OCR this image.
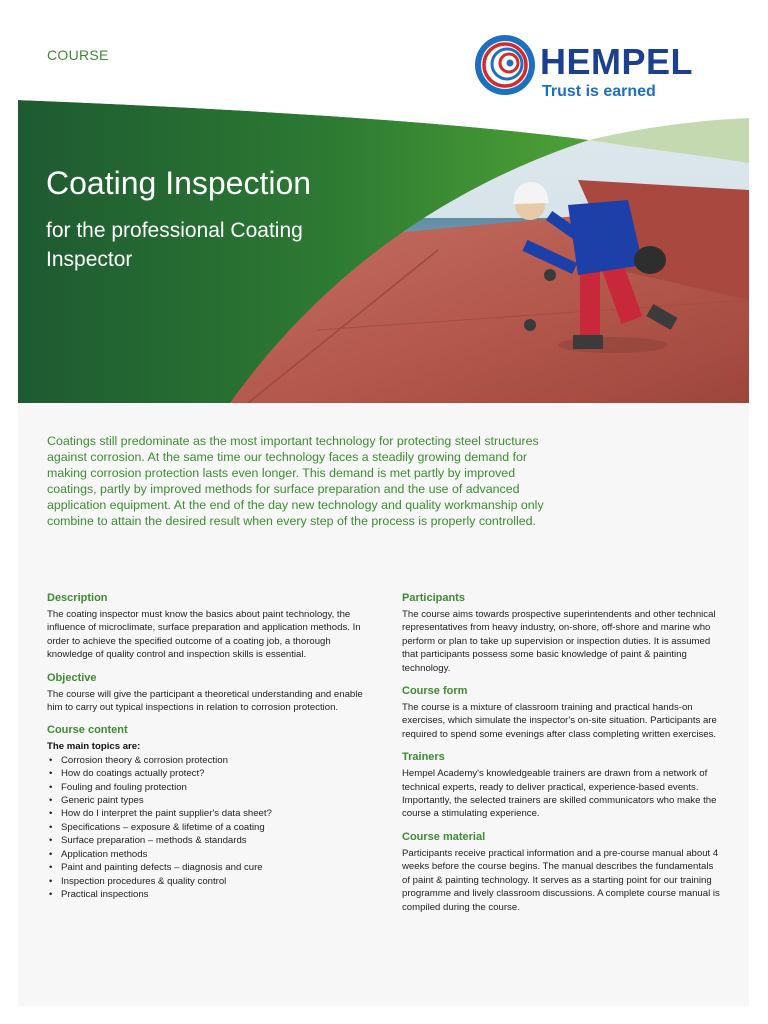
COURSE	HEMPEL
Trust is earned
Coating Inspection
for the professional Coating Inspector

Coatings still predominate as the most important technology for protecting steel structures against corrosion. At the same time our technology faces a steadily growing demand for making corrosion protection lasts even longer. This demand is met partly by improved coatings, partly by improved methods for surface preparation and the use of advanced application equipment. At the end of the day new technology and quality workmanship only combine to attain the desired result when every step of the process is properly controlled.

Description

The coating inspector must know the basics about paint technology, the influence of microclimate, surface preparation and application methods. In order to achieve the specified outcome of a coating job, a thorough knowledge of quality control and inspection skills is essential.

Objective

The course will give the participant a theoretical understanding and enable him to carry out typical inspections in relation to corrosion protection.

Course content
The main topics are:
• Corrosion theory & corrosion protection
• How do coatings actually protect?
• Fouling and fouling protection
• Generic paint types
• How do I interpret the paint supplier's data sheet?
• Specifications – exposure & lifetime of a coating
• Surface preparation – methods & standards
• Application methods
• Paint and painting defects – diagnosis and cure
• Inspection procedures & quality control
• Practical inspections
Participants

The course aims towards prospective superintendents and other technical representatives from heavy industry, on-shore, off-shore and marine who perform or plan to take up supervision or inspection duties. It is assumed that participants possess some basic knowledge of paint & painting technology.

Course form

The course is a mixture of classroom training and practical hands-on exercises, which simulate the inspector's on-site situation. Participants are required to spend some evenings after class completing written exercises.

Trainers

Hempel Academy's knowledgeable trainers are drawn from a network of technical experts, ready to deliver practical, experience-based events. Importantly, the selected trainers are skilled communicators who make the course a stimulating experience.

Course material

Participants receive practical information and a pre-course manual about 4 weeks before the course begins. The manual describes the fundamentals of paint & painting technology. It serves as a starting point for our training programme and lively classroom discussions. A complete course manual is compiled during the course.
